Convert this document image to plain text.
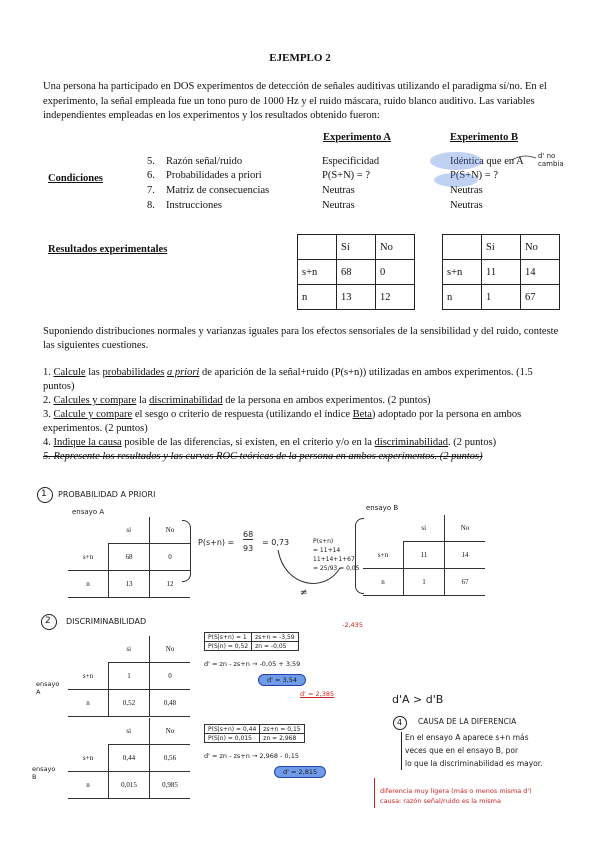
EJEMPLO 2
Una persona ha participado en DOS experimentos de detección de señales auditivas utilizando el paradigma sí/no. En el experimento, la señal empleada fue un tono puro de 1000 Hz y el ruido máscara, ruido blanco auditivo. Las variables independientes empleadas en los experimentos y los resultados obtenido fueron:
Experimento A	Experimento B
Condiciones
5. Razón señal/ruido	Especificidad	Idéntica que en A
6. Probabilidades a priori	P(S+N) = ?	P(S+N) = ?
7. Matriz de consecuencias	Neutras	Neutras
8. Instrucciones	Neutras	Neutras
d' no cambia
Resultados experimentales
		Sí	No
s+n	68	0
n	13	12
	Sí	No
s+n	11	14
n	1	67
Suponiendo distribuciones normales y varianzas iguales para los efectos sensoriales de la sensibilidad y del ruido, conteste las siguientes cuestiones.
1. Calcule las probabilidades a priori de aparición de la señal+ruido (P(s+n)) utilizadas en ambos experimentos. (1.5 puntos)
2. Calcules y compare la discriminabilidad de la persona en ambos experimentos. (2 puntos)
3. Calcule y compare el sesgo o criterio de respuesta (utilizando el índice Beta) adoptado por la persona en ambos experimentos. (2 puntos)
4. Indique la causa posible de las diferencias, si existen, en el criterio y/o en la discriminabilidad. (2 puntos)
5. Represente los resultados y las curvas ROC teóricas de la persona en ambos experimentos. (2 puntos)
1 PROBABILIDAD A PRIORI
ensayo A
	si	No
s+n	68	0
n	13	12
P(s+n) =
68
93
= 0,73	P(s+n)
= 11+14
11+14+1+67
= 25/93 = 0,05
≠
ensayo B
	si	No
s+n	11	14
n	1	67
2 DISCRIMINABILIDAD
ensayo A
	si	No
s+n	1	0
n	0,52	0,48
ensayo B
	si	No
s+n	0,44	0,56
n	0,015	0,985
P(S|s+n) = 1	zs+n = -3,59
P(S|n) = 0,52	zn = -0,05
-2,435
d' = zn - zs+n → -0,05 + 3,59
d' = 3,54
d' = 2,385
P(S|s+n) = 0,44	zs+n = 0,15
P(S|n) = 0,015	zn = 2,968
d' = zn - zs+n → 2,968 - 0,15
d' = 2,815
d'A > d'B
4 CAUSA DE LA DIFERENCIA
En el ensayo A aparece s+n más
veces que en el ensayo B, por
lo que la discriminabilidad es mayor.
diferencia muy ligera (más o menos misma d')
causa: razón señal/ruido es la misma
